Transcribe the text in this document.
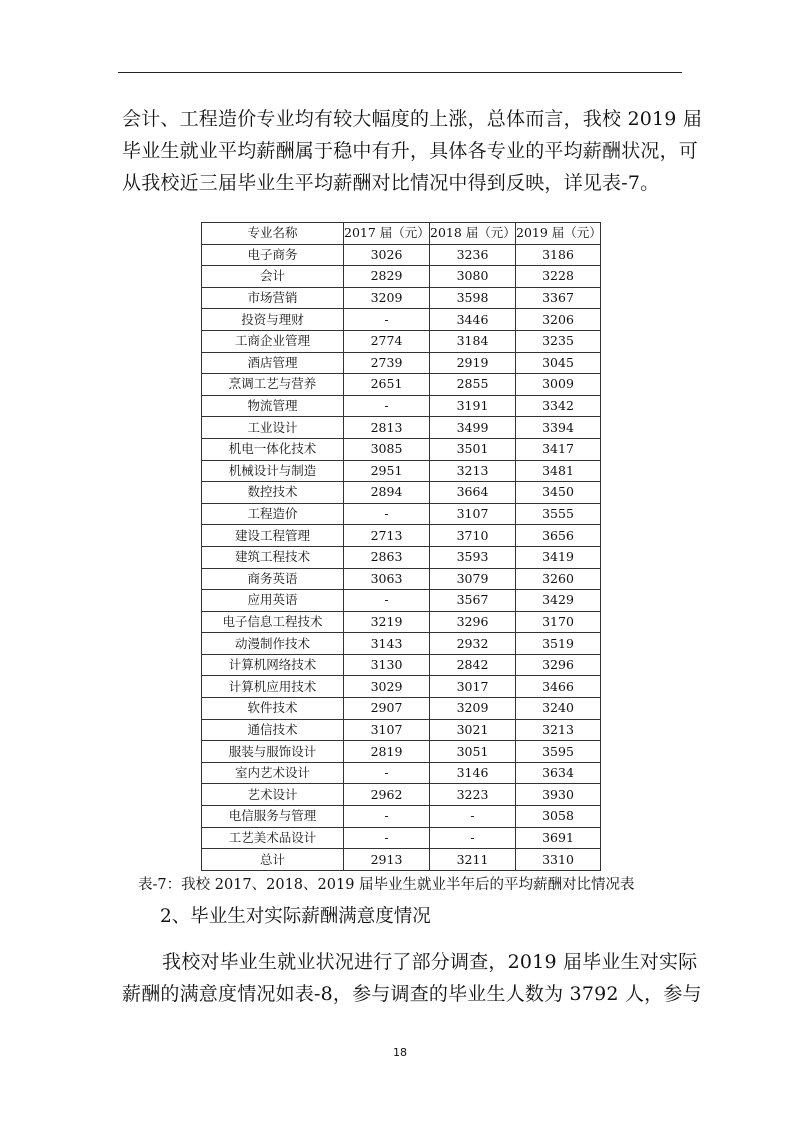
会计、工程造价专业均有较大幅度的上涨，总体而言，我校 2019 届
毕业生就业平均薪酬属于稳中有升，具体各专业的平均薪酬状况，可
从我校近三届毕业生平均薪酬对比情况中得到反映，详见表-7。

专业名称	2017 届（元）	2018 届（元）	2019 届（元）
电子商务	3026	3236	3186
会计	2829	3080	3228
市场营销	3209	3598	3367
投资与理财	-	3446	3206
工商企业管理	2774	3184	3235
酒店管理	2739	2919	3045
烹调工艺与营养	2651	2855	3009
物流管理	-	3191	3342
工业设计	2813	3499	3394
机电一体化技术	3085	3501	3417
机械设计与制造	2951	3213	3481
数控技术	2894	3664	3450
工程造价	-	3107	3555
建设工程管理	2713	3710	3656
建筑工程技术	2863	3593	3419
商务英语	3063	3079	3260
应用英语	-	3567	3429
电子信息工程技术	3219	3296	3170
动漫制作技术	3143	2932	3519
计算机网络技术	3130	2842	3296
计算机应用技术	3029	3017	3466
软件技术	2907	3209	3240
通信技术	3107	3021	3213
服装与服饰设计	2819	3051	3595
室内艺术设计	-	3146	3634
艺术设计	2962	3223	3930
电信服务与管理	-	-	3058
工艺美术品设计	-	-	3691
总计	2913	3211	3310

表-7：我校 2017、2018、2019 届毕业生就业半年后的平均薪酬对比情况表

2、毕业生对实际薪酬满意度情况

我校对毕业生就业状况进行了部分调查，2019 届毕业生对实际
薪酬的满意度情况如表-8，参与调查的毕业生人数为 3792 人，参与

18
